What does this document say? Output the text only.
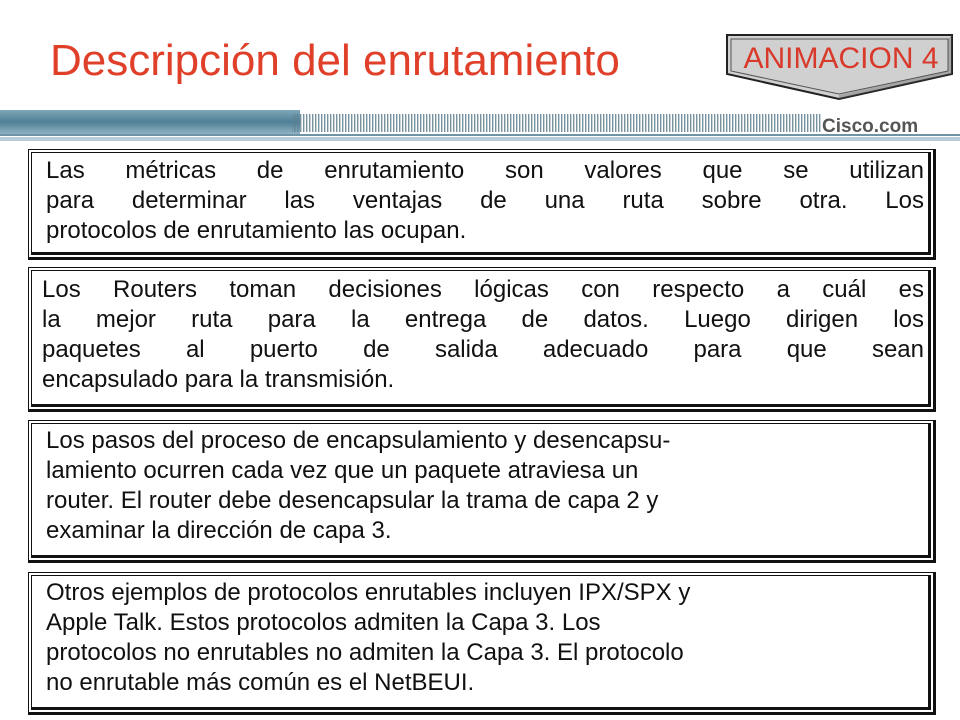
Descripción del enrutamiento	ANIMACION 4
Cisco.com

Las métricas de enrutamiento son valores que se utilizan

para determinar las ventajas de una ruta sobre otra. Los

protocolos de enrutamiento las ocupan.

Los Routers toman decisiones lógicas con respecto a cuál es

la mejor ruta para la entrega de datos. Luego dirigen los

paquetes al puerto de salida adecuado para que sean

encapsulado para la transmisión.

Los pasos del proceso de encapsulamiento y desencapsu-

lamiento ocurren cada vez que un paquete atraviesa un

router. El router debe desencapsular la trama de capa 2 y

examinar la dirección de capa 3.

Otros ejemplos de protocolos enrutables incluyen IPX/SPX y

Apple Talk. Estos protocolos admiten la Capa 3. Los

protocolos no enrutables no admiten la Capa 3. El protocolo

no enrutable más común es el NetBEUI.
